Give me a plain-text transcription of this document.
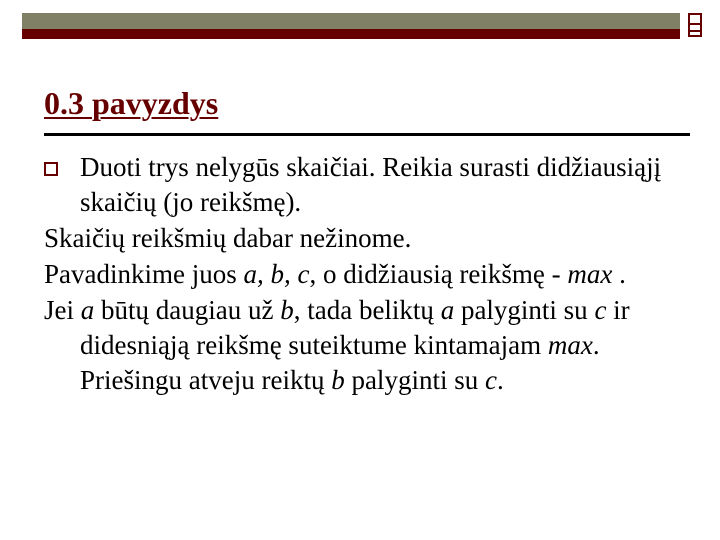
0.3 pavyzdys

Duoti trys nelygūs skaičiai. Reikia surasti didžiausiąjį skaičių (jo reikšmę).

Skaičių reikšmių dabar nežinome.

Pavadinkime juos a, b, c, o didžiausią reikšmę - max .

Jei a būtų daugiau už b, tada beliktų a palyginti su c ir didesniąją reikšmę suteiktume kintamajam max. Priešingu atveju reiktų b palyginti su c.
